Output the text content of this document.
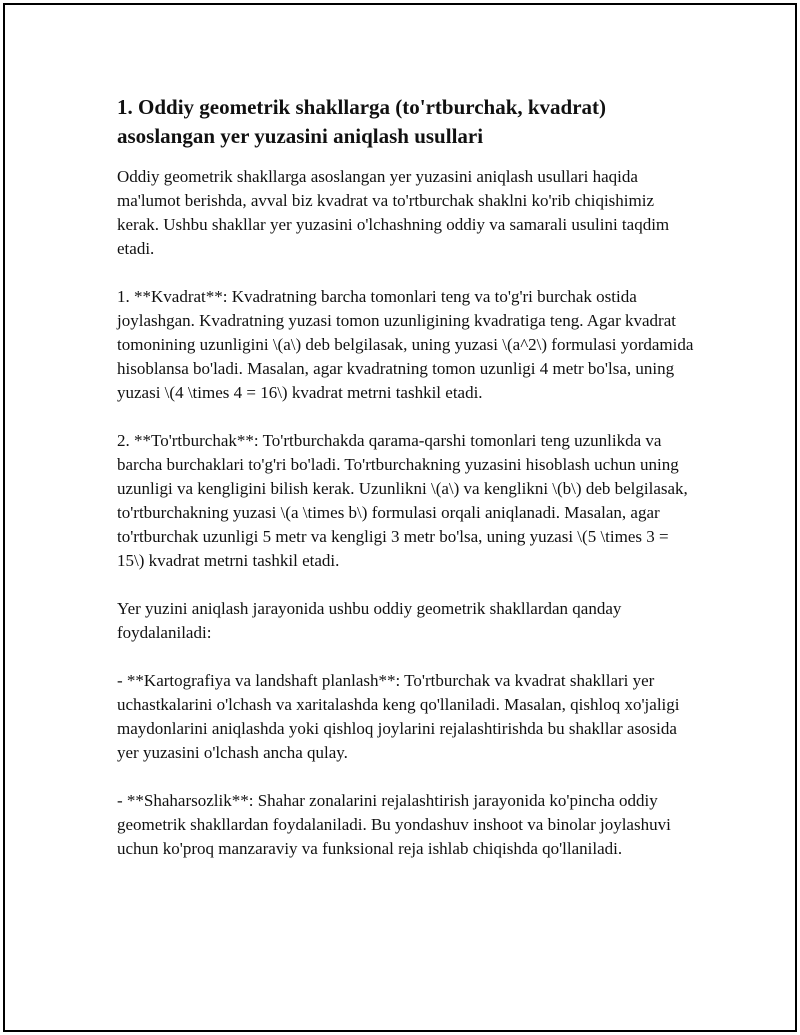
1. Oddiy geometrik shakllarga (to'rtburchak, kvadrat) asoslangan yer yuzasini aniqlash usullari

Oddiy geometrik shakllarga asoslangan yer yuzasini aniqlash usullari haqida ma'lumot berishda, avval biz kvadrat va to'rtburchak shaklni ko'rib chiqishimiz kerak. Ushbu shakllar yer yuzasini o'lchashning oddiy va samarali usulini taqdim etadi.

1. **Kvadrat**: Kvadratning barcha tomonlari teng va to'g'ri burchak ostida joylashgan. Kvadratning yuzasi tomon uzunligining kvadratiga teng. Agar kvadrat tomonining uzunligini \(a\) deb belgilasak, uning yuzasi \(a^2\) formulasi yordamida hisoblansa bo'ladi. Masalan, agar kvadratning tomon uzunligi 4 metr bo'lsa, uning yuzasi \(4 \times 4 = 16\) kvadrat metrni tashkil etadi.

2. **To'rtburchak**: To'rtburchakda qarama-qarshi tomonlari teng uzunlikda va barcha burchaklari to'g'ri bo'ladi. To'rtburchakning yuzasini hisoblash uchun uning uzunligi va kengligini bilish kerak. Uzunlikni \(a\) va kenglikni \(b\) deb belgilasak, to'rtburchakning yuzasi \(a \times b\) formulasi orqali aniqlanadi. Masalan, agar to'rtburchak uzunligi 5 metr va kengligi 3 metr bo'lsa, uning yuzasi \(5 \times 3 = 15\) kvadrat metrni tashkil etadi.

Yer yuzini aniqlash jarayonida ushbu oddiy geometrik shakllardan qanday foydalaniladi:

- **Kartografiya va landshaft planlash**: To'rtburchak va kvadrat shakllari yer uchastkalarini o'lchash va xaritalashda keng qo'llaniladi. Masalan, qishloq xo'jaligi maydonlarini aniqlashda yoki qishloq joylarini rejalashtirishda bu shakllar asosida yer yuzasini o'lchash ancha qulay.

- **Shaharsozlik**: Shahar zonalarini rejalashtirish jarayonida ko'pincha oddiy geometrik shakllardan foydalaniladi. Bu yondashuv inshoot va binolar joylashuvi uchun ko'proq manzaraviy va funksional reja ishlab chiqishda qo'llaniladi.
